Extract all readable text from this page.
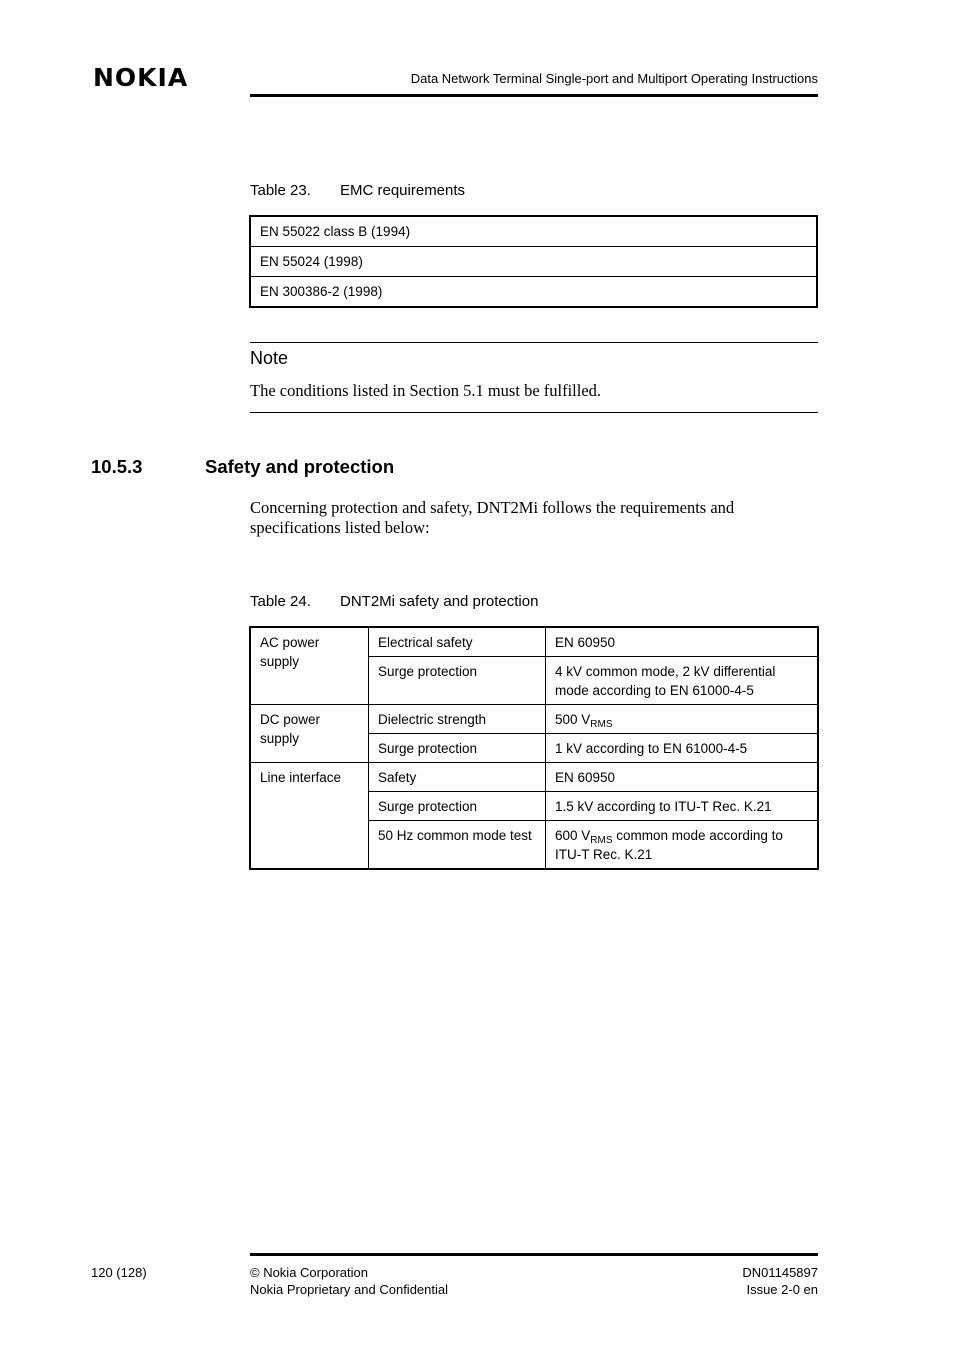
NOKIA	Data Network Terminal Single-port and Multiport Operating Instructions
Table 23. EMC requirements
EN 55022 class B (1994)
EN 55024 (1998)
EN 300386-2 (1998)
Note
The conditions listed in Section 5.1 must be fulfilled.
10.5.3	Safety and protection
Concerning protection and safety, DNT2Mi follows the requirements and specifications listed below:
Table 24. DNT2Mi safety and protection
AC power supply	Electrical safety	EN 60950
	Surge protection	4 kV common mode, 2 kV differential mode according to EN 61000-4-5
DC power supply	Dielectric strength	500 $V_{RMS}$
	Surge protection	1 kV according to EN 61000-4-5
Line interface	Safety	EN 60950
	Surge protection	1.5 kV according to ITU-T Rec. K.21
	50 Hz common mode test	600 $V_{RMS}$ common mode according to ITU-T Rec. K.21
120 (128)	© Nokia Corporation
Nokia Proprietary and Confidential
DN01145897
Issue 2-0 en
